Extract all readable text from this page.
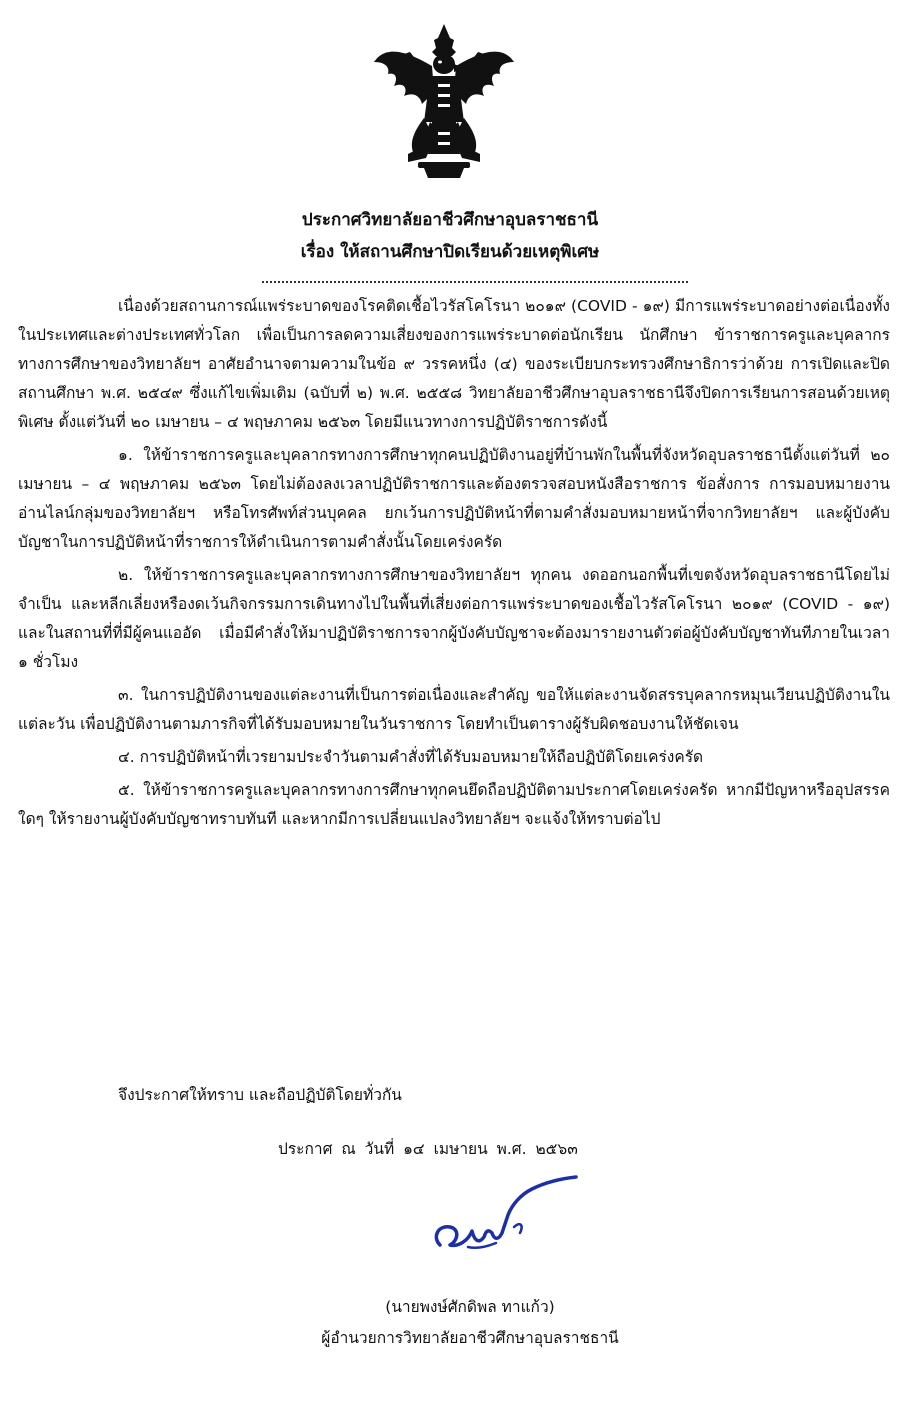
ประกาศวิทยาลัยอาชีวศึกษาอุบลราชธานี
เรื่อง ให้สถานศึกษาปิดเรียนด้วยเหตุพิเศษ

เนื่องด้วยสถานการณ์แพร่ระบาดของโรคติดเชื้อไวรัสโคโรนา ๒๐๑๙ (COVID - ๑๙) มีการแพร่ระบาดอย่างต่อเนื่องทั้งในประเทศและต่างประเทศทั่วโลก เพื่อเป็นการลดความเสี่ยงของการแพร่ระบาดต่อนักเรียน นักศึกษา ข้าราชการครูและบุคลากรทางการศึกษาของวิทยาลัยฯ อาศัยอำนาจตามความในข้อ ๙ วรรคหนึ่ง (๔) ของระเบียบกระทรวงศึกษาธิการว่าด้วย การเปิดและปิดสถานศึกษา พ.ศ. ๒๕๔๙ ซึ่งแก้ไขเพิ่มเติม (ฉบับที่ ๒) พ.ศ. ๒๕๕๘ วิทยาลัยอาชีวศึกษาอุบลราชธานีจึงปิดการเรียนการสอนด้วยเหตุพิเศษ ตั้งแต่วันที่ ๒๐ เมษายน – ๔ พฤษภาคม ๒๕๖๓ โดยมีแนวทางการปฏิบัติราชการดังนี้

๑. ให้ข้าราชการครูและบุคลากรทางการศึกษาทุกคนปฏิบัติงานอยู่ที่บ้านพักในพื้นที่จังหวัดอุบลราชธานีตั้งแต่วันที่ ๒๐ เมษายน – ๔ พฤษภาคม ๒๕๖๓ โดยไม่ต้องลงเวลาปฏิบัติราชการและต้องตรวจสอบหนังสือราชการ ข้อสั่งการ การมอบหมายงาน อ่านไลน์กลุ่มของวิทยาลัยฯ หรือโทรศัพท์ส่วนบุคคล ยกเว้นการปฏิบัติหน้าที่ตามคำสั่งมอบหมายหน้าที่จากวิทยาลัยฯ และผู้บังคับบัญชาในการปฏิบัติหน้าที่ราชการให้ดำเนินการตามคำสั่งนั้นโดยเคร่งครัด

๒. ให้ข้าราชการครูและบุคลากรทางการศึกษาของวิทยาลัยฯ ทุกคน งดออกนอกพื้นที่เขตจังหวัดอุบลราชธานีโดยไม่จำเป็น และหลีกเลี่ยงหรืองดเว้นกิจกรรมการเดินทางไปในพื้นที่เสี่ยงต่อการแพร่ระบาดของเชื้อไวรัสโคโรนา ๒๐๑๙ (COVID - ๑๙) และในสถานที่ที่มีผู้คนแออัด เมื่อมีคำสั่งให้มาปฏิบัติราชการจากผู้บังคับบัญชาจะต้องมารายงานตัวต่อผู้บังคับบัญชาทันทีภายในเวลา ๑ ชั่วโมง

๓. ในการปฏิบัติงานของแต่ละงานที่เป็นการต่อเนื่องและสำคัญ ขอให้แต่ละงานจัดสรรบุคลากรหมุนเวียนปฏิบัติงานในแต่ละวัน เพื่อปฏิบัติงานตามภารกิจที่ได้รับมอบหมายในวันราชการ โดยทำเป็นตารางผู้รับผิดชอบงานให้ชัดเจน

๔. การปฏิบัติหน้าที่เวรยามประจำวันตามคำสั่งที่ได้รับมอบหมายให้ถือปฏิบัติโดยเคร่งครัด

๕. ให้ข้าราชการครูและบุคลากรทางการศึกษาทุกคนยึดถือปฏิบัติตามประกาศโดยเคร่งครัด หากมีปัญหาหรืออุปสรรคใดๆ ให้รายงานผู้บังคับบัญชาทราบทันที และหากมีการเปลี่ยนแปลงวิทยาลัยฯ จะแจ้งให้ทราบต่อไป

จึงประกาศให้ทราบ และถือปฏิบัติโดยทั่วกัน
ประกาศ ณ วันที่ ๑๔ เมษายน พ.ศ. ๒๕๖๓
(นายพงษ์ศักดิพล ทาแก้ว)
ผู้อำนวยการวิทยาลัยอาชีวศึกษาอุบลราชธานี
